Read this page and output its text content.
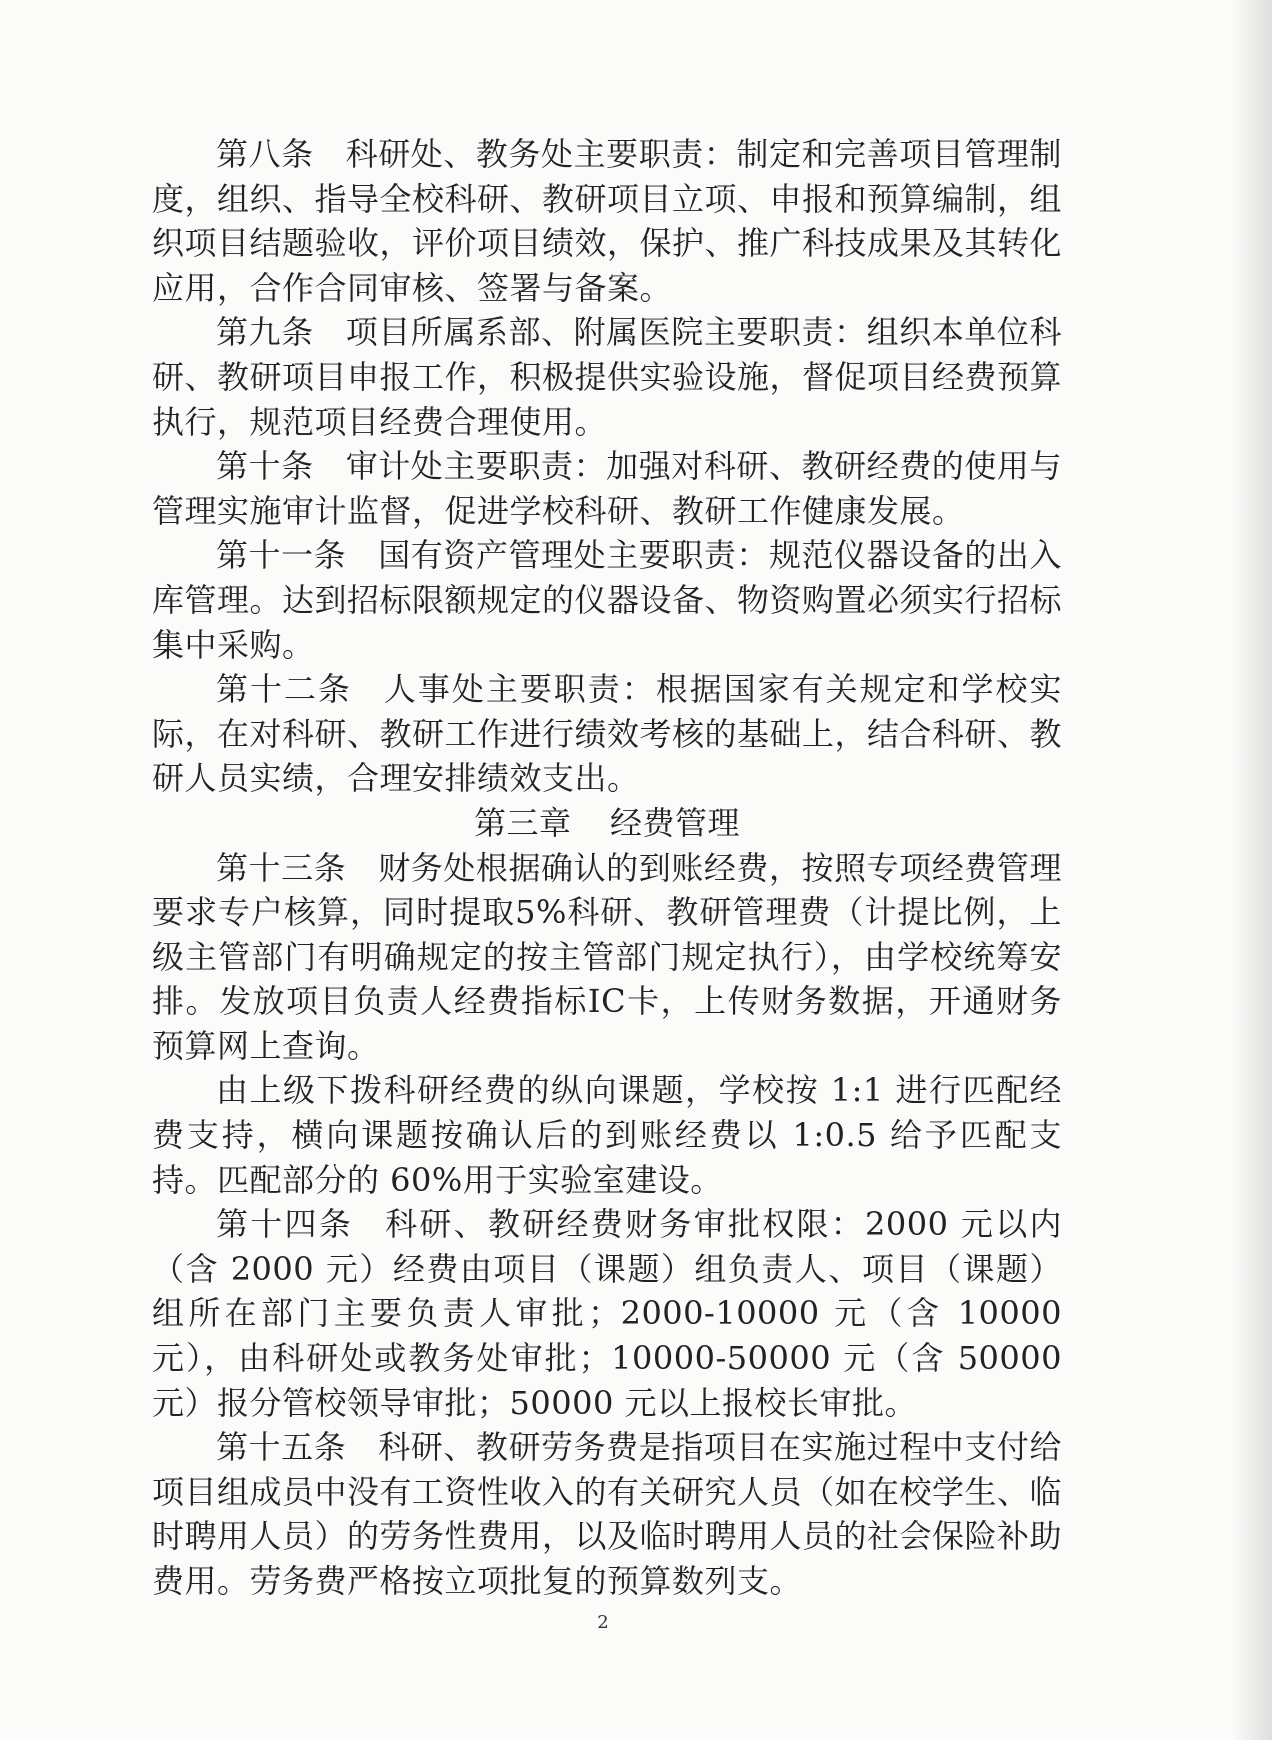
第八条 科研处、教务处主要职责：制定和完善项目管理制度，组织、指导全校科研、教研项目立项、申报和预算编制，组织项目结题验收，评价项目绩效，保护、推广科技成果及其转化应用，合作合同审核、签署与备案。

第九条 项目所属系部、附属医院主要职责：组织本单位科研、教研项目申报工作，积极提供实验设施，督促项目经费预算执行，规范项目经费合理使用。

第十条 审计处主要职责：加强对科研、教研经费的使用与管理实施审计监督，促进学校科研、教研工作健康发展。

第十一条 国有资产管理处主要职责：规范仪器设备的出入库管理。达到招标限额规定的仪器设备、物资购置必须实行招标集中采购。

第十二条 人事处主要职责：根据国家有关规定和学校实际，在对科研、教研工作进行绩效考核的基础上，结合科研、教研人员实绩，合理安排绩效支出。

第三章 经费管理

第十三条 财务处根据确认的到账经费，按照专项经费管理要求专户核算，同时提取5%科研、教研管理费（计提比例，上级主管部门有明确规定的按主管部门规定执行），由学校统筹安排。发放项目负责人经费指标IC卡，上传财务数据，开通财务预算网上查询。

由上级下拨科研经费的纵向课题，学校按 1:1 进行匹配经费支持，横向课题按确认后的到账经费以 1:0.5 给予匹配支持。匹配部分的 60%用于实验室建设。

第十四条 科研、教研经费财务审批权限：2000 元以内（含 2000 元）经费由项目（课题）组负责人、项目（课题）组所在部门主要负责人审批；2000-10000 元（含 10000 元），由科研处或教务处审批；10000-50000 元（含 50000 元）报分管校领导审批；50000 元以上报校长审批。

第十五条 科研、教研劳务费是指项目在实施过程中支付给项目组成员中没有工资性收入的有关研究人员（如在校学生、临时聘用人员）的劳务性费用，以及临时聘用人员的社会保险补助费用。劳务费严格按立项批复的预算数列支。

2
